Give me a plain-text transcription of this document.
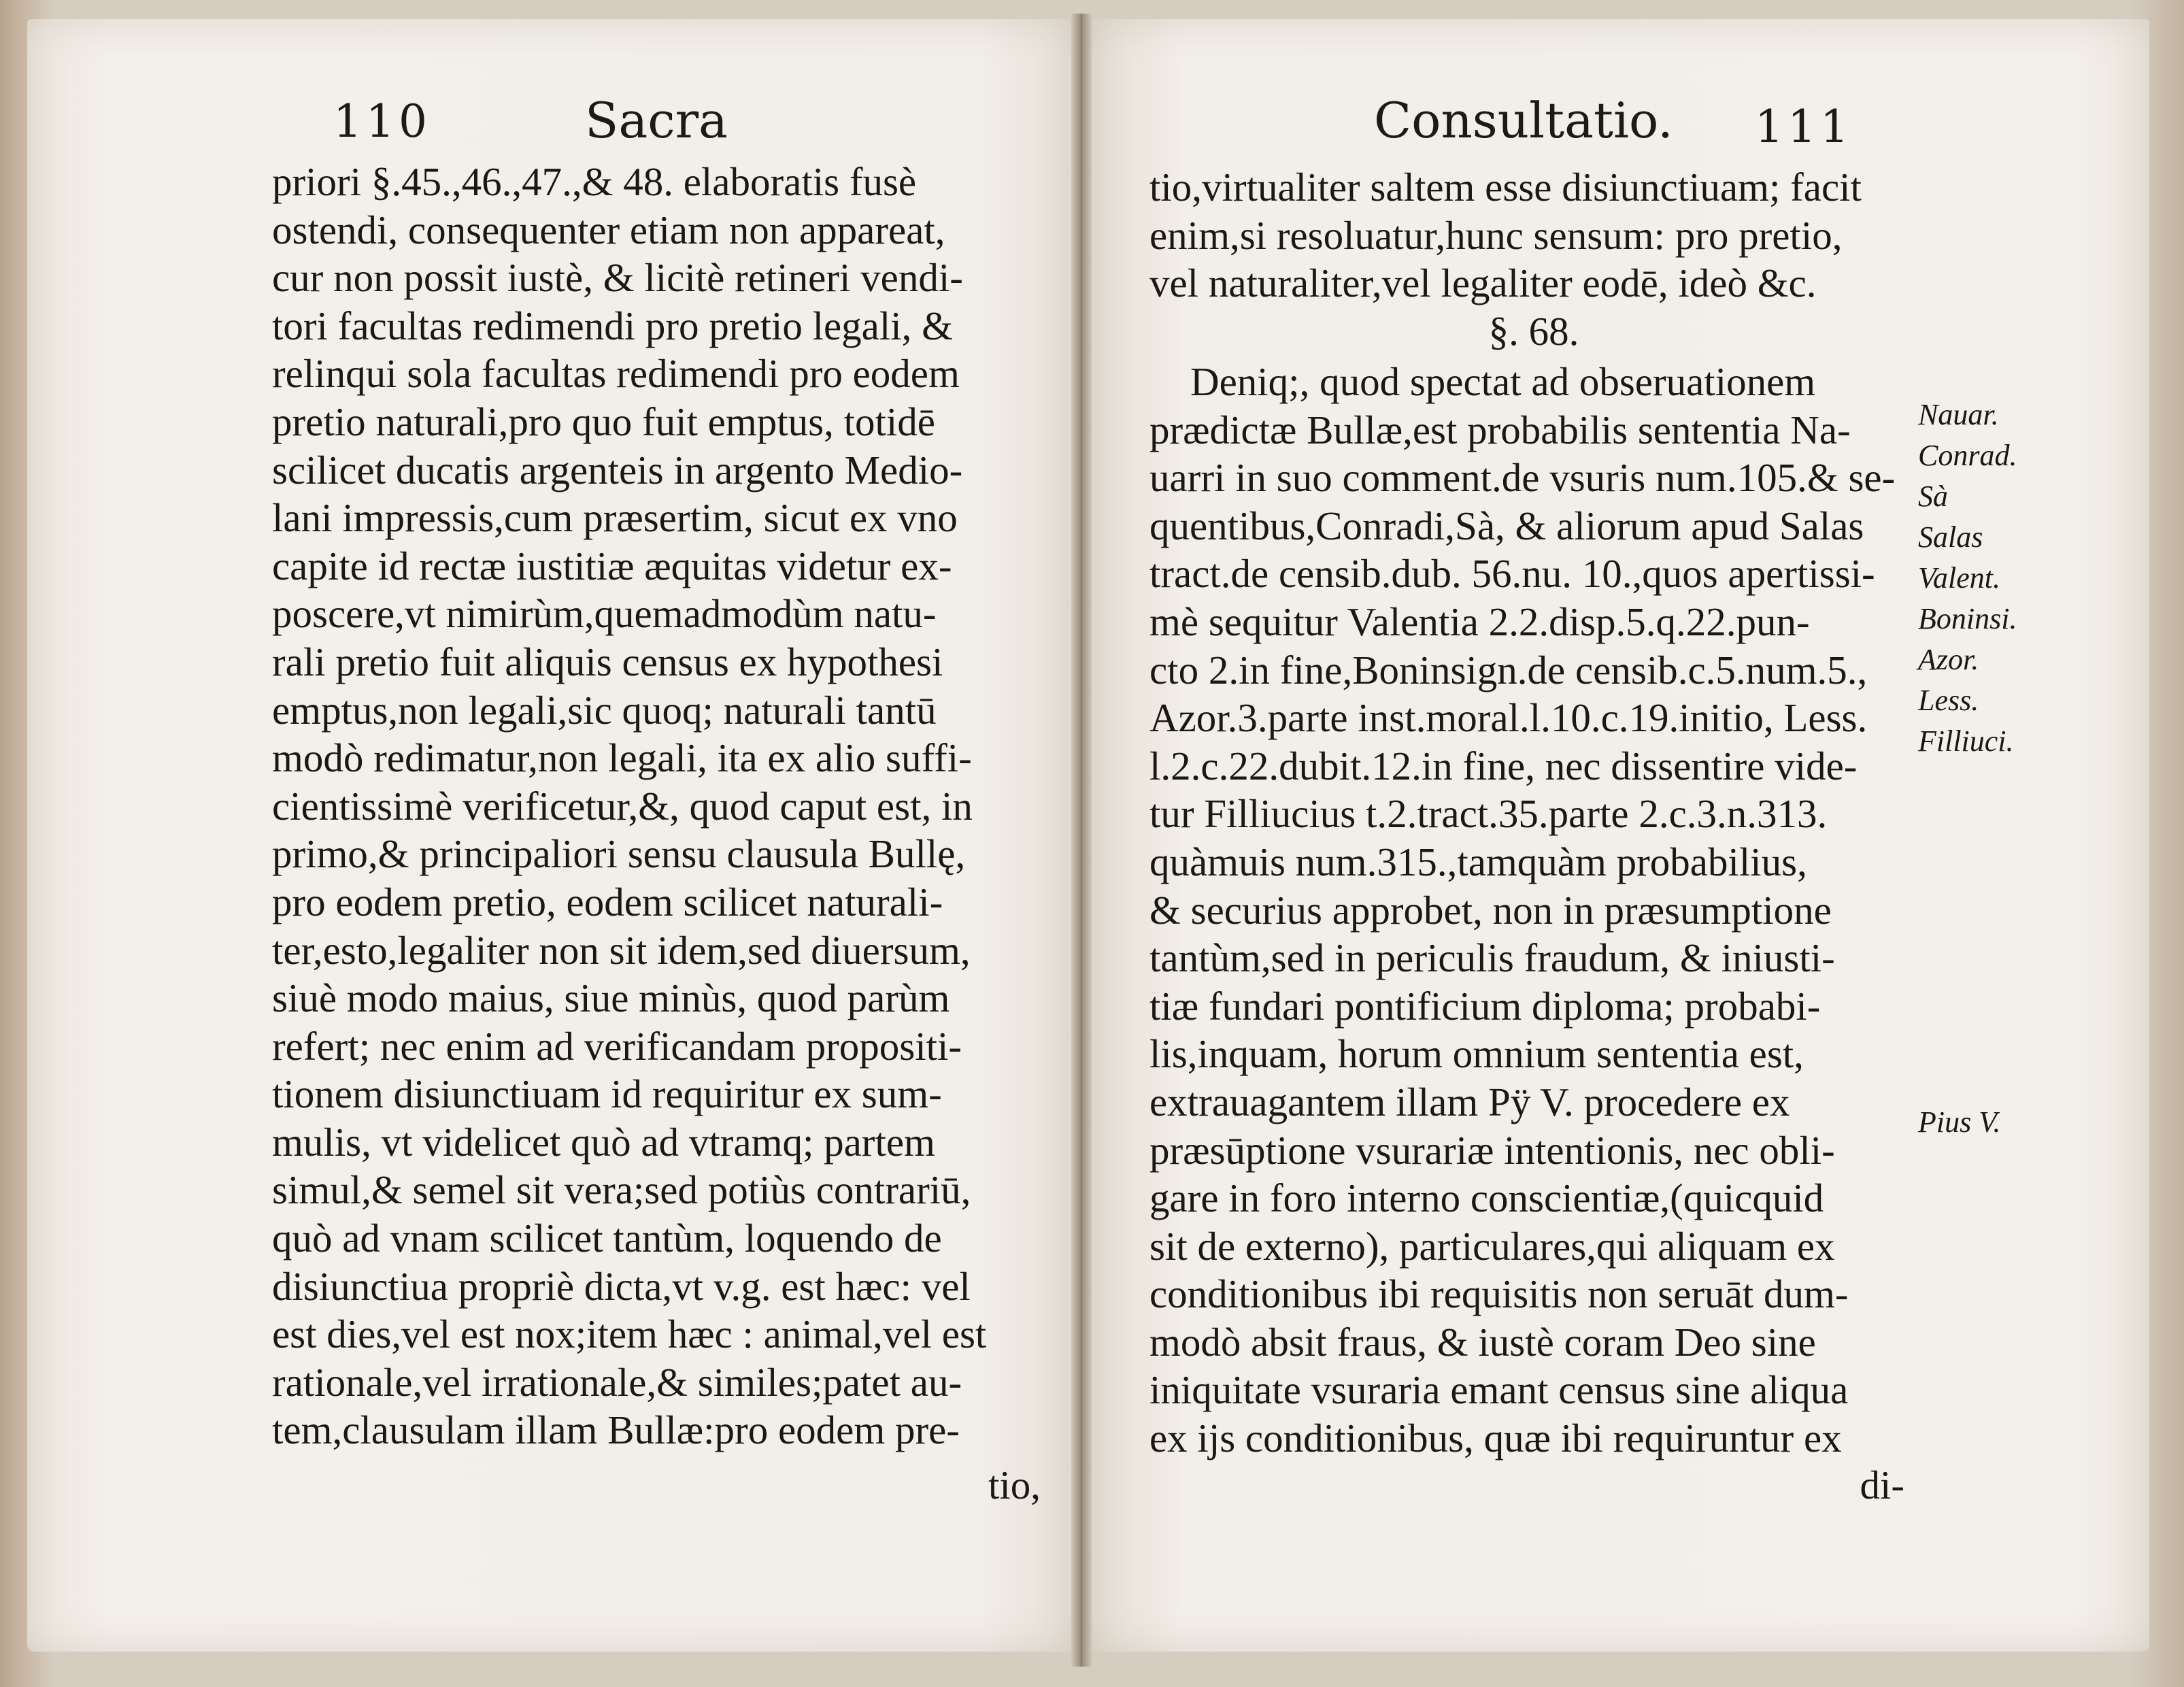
110	Sacra
priori §.45.,46.,47.,& 48. elaboratis fusè
ostendi, consequenter etiam non appareat,
cur non possit iustè, & licitè retineri vendi-
tori facultas redimendi pro pretio legali, &
relinqui sola facultas redimendi pro eodem
pretio naturali,pro quo fuit emptus, totidē
scilicet ducatis argenteis in argento Medio-
lani impressis,cum præsertim, sicut ex vno
capite id rectæ iustitiæ æquitas videtur ex-
poscere,vt nimirùm,quemadmodùm natu-
rali pretio fuit aliquis census ex hypothesi
emptus,non legali,sic quoq; naturali tantū
modò redimatur,non legali, ita ex alio suffi-
cientissimè verificetur,&, quod caput est, in
primo,& principaliori sensu clausula Bullę,
pro eodem pretio, eodem scilicet naturali-
ter,esto,legaliter non sit idem,sed diuersum,
siuè modo maius, siue minùs, quod parùm
refert; nec enim ad verificandam propositi-
tionem disiunctiuam id requiritur ex sum-
mulis, vt videlicet quò ad vtramq; partem
simul,& semel sit vera;sed potiùs contrariū,
quò ad vnam scilicet tantùm, loquendo de
disiunctiua propriè dicta,vt v.g. est hæc: vel
est dies,vel est nox;item hæc : animal,vel est
rationale,vel irrationale,& similes;patet au-
tem,clausulam illam Bullæ:pro eodem pre-
tio,
Consultatio. 111
tio,virtualiter saltem esse disiunctiuam; facit
enim,si resoluatur,hunc sensum: pro pretio,
vel naturaliter,vel legaliter eodē, ideò &c.
§. 68.
Deniq;, quod spectat ad obseruationem
prædictæ Bullæ,est probabilis sententia Na-
uarri in suo comment.de vsuris num.105.& se-
quentibus,Conradi,Sà, & aliorum apud Salas
tract.de censib.dub. 56.nu. 10.,quos apertissi-
mè sequitur Valentia 2.2.disp.5.q.22.pun-
cto 2.in fine,Boninsign.de censib.c.5.num.5.,
Azor.3.parte inst.moral.l.10.c.19.initio, Less.
l.2.c.22.dubit.12.in fine, nec dissentire vide-
tur Filliucius t.2.tract.35.parte 2.c.3.n.313.
quàmuis num.315.,tamquàm probabilius,
& securius approbet, non in præsumptione
tantùm,sed in periculis fraudum, & iniusti-
tiæ fundari pontificium diploma; probabi-
lis,inquam, horum omnium sententia est,
extrauagantem illam Pÿ V. procedere ex
præsūptione vsurariæ intentionis, nec obli-
gare in foro interno conscientiæ,(quicquid
sit de externo), particulares,qui aliquam ex
conditionibus ibi requisitis non seruāt dum-
modò absit fraus, & iustè coram Deo sine
iniquitate vsuraria emant census sine aliqua
ex ijs conditionibus, quæ ibi requiruntur ex
di-
Nauar.
Conrad.
Sà
Salas
Valent.
Boninsi.
Azor.
Less.
Filliuci.
Pius V.
